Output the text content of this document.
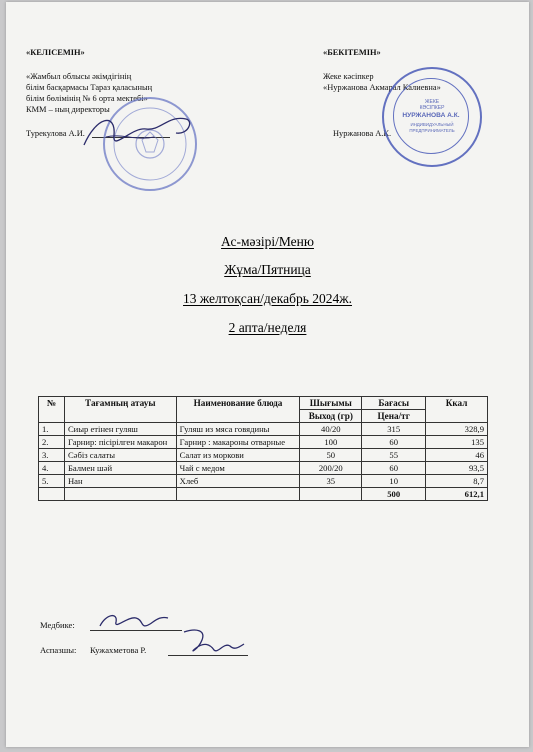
«КЕЛІСЕМІН»
«Жамбыл облысы әкімдігінің
білім басқармасы Тараз қаласының
білім бөлімінің № 6 орта мектебі»
КММ – ның директоры
Турекулова А.И.
«БЕКІТЕМІН»
Жеке кәсіпкер
«Нуржанова Акмарал Калиевна»
Нуржанова А.К.
ЖЕКЕ
КӘСІПКЕР
НУРЖАНОВА А.К.
ИНДИВИДУАЛЬНЫЙ
ПРЕДПРИНИМАТЕЛЬ
Ас-мәзірі/Меню
Жұма/Пятница
13 желтоқсан/декабрь 2024ж.
2 апта/неделя
№	Тағамның атауы	Наименование блюда	Шығымы	Бағасы	Ккал
			Выход (гр)	Цена/тг	
1.	Сиыр етінен гуляш	Гуляш из мяса говядины	40/20	315	328,9
2.	Гарнир: пісірілген макарон	Гарнир : макароны отварные	100	60	135
3.	Сәбіз салаты	Салат из моркови	50	55	46
4.	Балмен шәй	Чай с медом	200/20	60	93,5
5.	Нан	Хлеб	35	10	8,7
				500	612,1
Медбике:
Аспазшы: Кужахметова Р.
